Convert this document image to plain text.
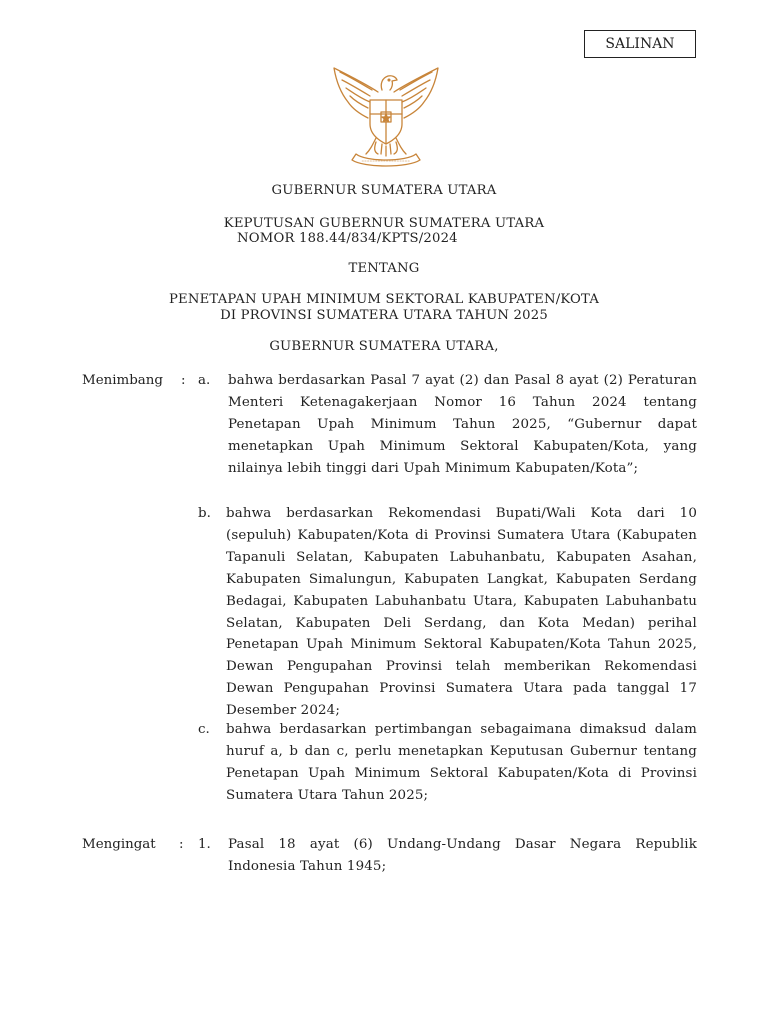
SALINAN
GUBERNUR SUMATERA UTARA
KEPUTUSAN GUBERNUR SUMATERA UTARA
NOMOR 188.44/834/KPTS/2024
TENTANG
PENETAPAN UPAH MINIMUM SEKTORAL KABUPATEN/KOTA
DI PROVINSI SUMATERA UTARA TAHUN 2025
GUBERNUR SUMATERA UTARA,
Menimbang : a. bahwa berdasarkan Pasal 7 ayat (2) dan Pasal 8 ayat (2) Peraturan Menteri Ketenagakerjaan Nomor 16 Tahun 2024 tentang Penetapan Upah Minimum Tahun 2025, “Gubernur dapat menetapkan Upah Minimum Sektoral Kabupaten/Kota, yang nilainya lebih tinggi dari Upah Minimum Kabupaten/Kota”;

b. bahwa berdasarkan Rekomendasi Bupati/Wali Kota dari 10 (sepuluh) Kabupaten/Kota di Provinsi Sumatera Utara (Kabupaten Tapanuli Selatan, Kabupaten Labuhanbatu, Kabupaten Asahan, Kabupaten Simalungun, Kabupaten Langkat, Kabupaten Serdang Bedagai, Kabupaten Labuhanbatu Utara, Kabupaten Labuhanbatu Selatan, Kabupaten Deli Serdang, dan Kota Medan) perihal Penetapan Upah Minimum Sektoral Kabupaten/Kota Tahun 2025, Dewan Pengupahan Provinsi telah memberikan Rekomendasi Dewan Pengupahan Provinsi Sumatera Utara pada tanggal 17 Desember 2024;

c. bahwa berdasarkan pertimbangan sebagaimana dimaksud dalam huruf a, b dan c, perlu menetapkan Keputusan Gubernur tentang Penetapan Upah Minimum Sektoral Kabupaten/Kota di Provinsi Sumatera Utara Tahun 2025;

Mengingat : 1. Pasal 18 ayat (6) Undang-Undang Dasar Negara Republik Indonesia Tahun 1945;
